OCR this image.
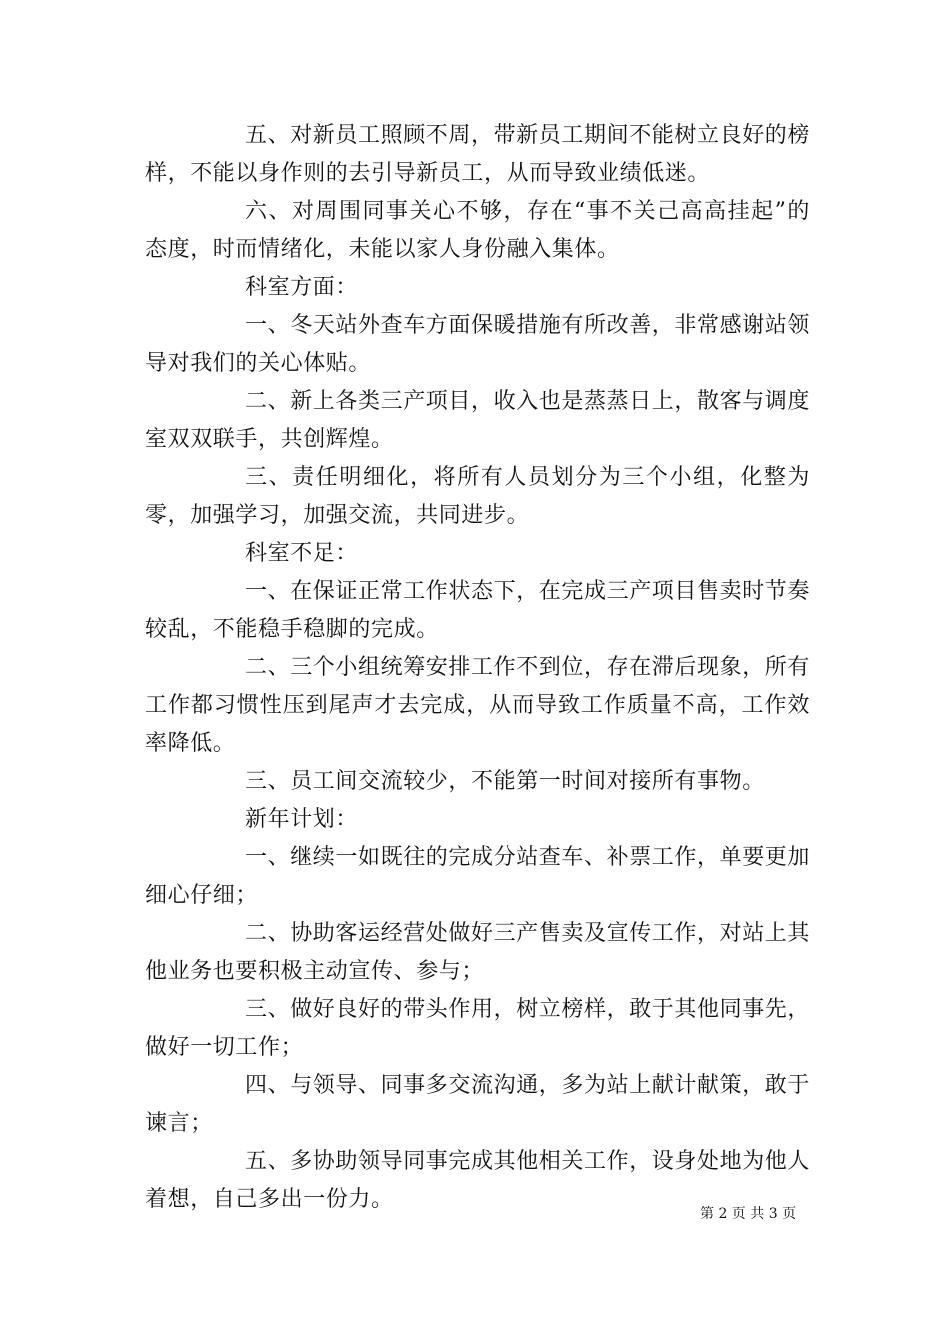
五、对新员工照顾不周，带新员工期间不能树立良好的榜样，不能以身作则的去引导新员工，从而导致业绩低迷。

六、对周围同事关心不够，存在“事不关己高高挂起”的态度，时而情绪化，未能以家人身份融入集体。

科室方面：

一、冬天站外查车方面保暖措施有所改善，非常感谢站领导对我们的关心体贴。

二、新上各类三产项目，收入也是蒸蒸日上，散客与调度室双双联手，共创辉煌。

三、责任明细化，将所有人员划分为三个小组，化整为零，加强学习，加强交流，共同进步。

科室不足：

一、在保证正常工作状态下，在完成三产项目售卖时节奏较乱，不能稳手稳脚的完成。

二、三个小组统筹安排工作不到位，存在滞后现象，所有工作都习惯性压到尾声才去完成，从而导致工作质量不高，工作效率降低。

三、员工间交流较少，不能第一时间对接所有事物。

新年计划：

一、继续一如既往的完成分站查车、补票工作，单要更加细心仔细；

二、协助客运经营处做好三产售卖及宣传工作，对站上其他业务也要积极主动宣传、参与；

三、做好良好的带头作用，树立榜样，敢于其他同事先，做好一切工作；

四、与领导、同事多交流沟通，多为站上献计献策，敢于谏言；

五、多协助领导同事完成其他相关工作，设身处地为他人着想，自己多出一份力。

第 2 页 共 3 页
